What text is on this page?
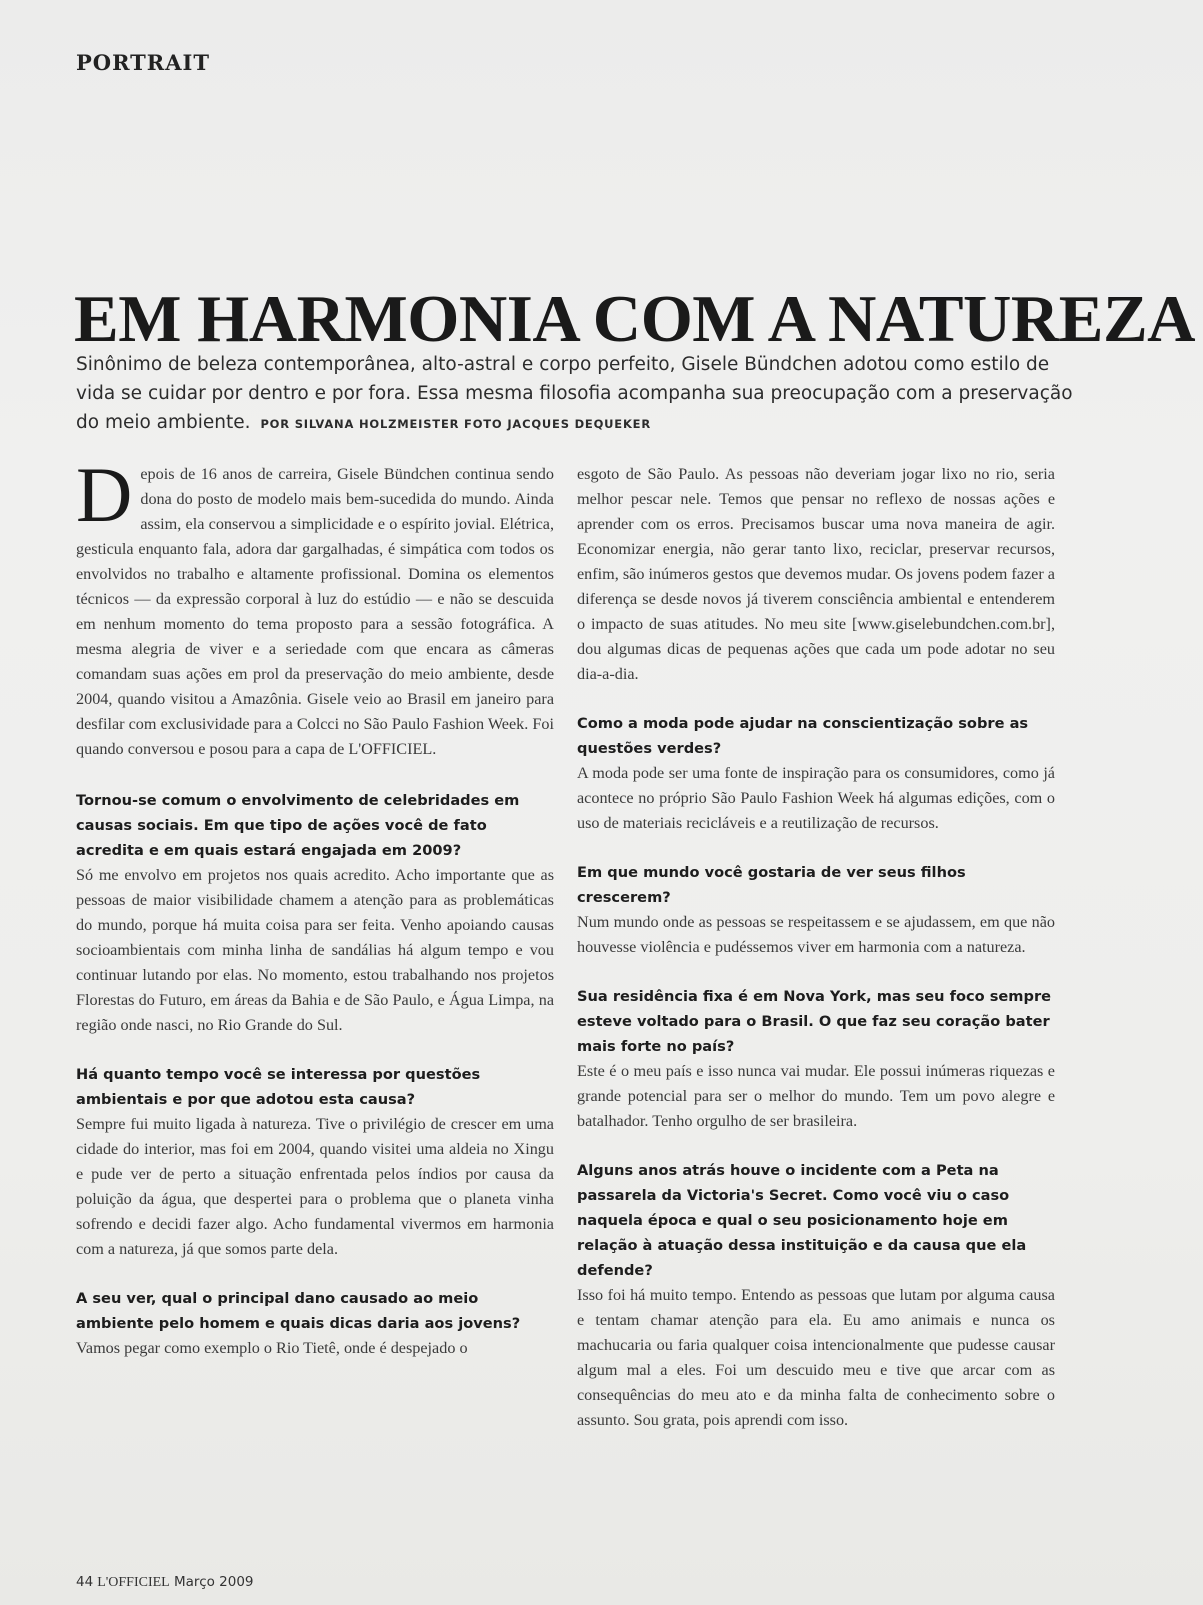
PORTRAIT
EM HARMONIA COM A NATUREZA

Sinônimo de beleza contemporânea, alto-astral e corpo perfeito, Gisele Bündchen adotou como estilo de vida se cuidar por dentro e por fora. Essa mesma filosofia acompanha sua preocupação com a preservação do meio ambiente. POR SILVANA HOLZMEISTER FOTO JACQUES DEQUEKER

Depois de 16 anos de carreira, Gisele Bündchen continua sendo dona do posto de modelo mais bem-sucedida do mundo. Ainda assim, ela conservou a simplicidade e o espírito jovial. Elétrica, gesticula enquanto fala, adora dar gargalhadas, é simpática com todos os envolvidos no trabalho e altamente profissional. Domina os elementos técnicos — da expressão corporal à luz do estúdio — e não se descuida em nenhum momento do tema proposto para a sessão fotográfica. A mesma alegria de viver e a seriedade com que encara as câmeras comandam suas ações em prol da preservação do meio ambiente, desde 2004, quando visitou a Amazônia. Gisele veio ao Brasil em janeiro para desfilar com exclusividade para a Colcci no São Paulo Fashion Week. Foi quando conversou e posou para a capa de L'OFFICIEL.

Tornou-se comum o envolvimento de celebridades em causas sociais. Em que tipo de ações você de fato acredita e em quais estará engajada em 2009?

Só me envolvo em projetos nos quais acredito. Acho importante que as pessoas de maior visibilidade chamem a atenção para as problemáticas do mundo, porque há muita coisa para ser feita. Venho apoiando causas socioambientais com minha linha de sandálias há algum tempo e vou continuar lutando por elas. No momento, estou trabalhando nos projetos Florestas do Futuro, em áreas da Bahia e de São Paulo, e Água Limpa, na região onde nasci, no Rio Grande do Sul.

Há quanto tempo você se interessa por questões ambientais e por que adotou esta causa?

Sempre fui muito ligada à natureza. Tive o privilégio de crescer em uma cidade do interior, mas foi em 2004, quando visitei uma aldeia no Xingu e pude ver de perto a situação enfrentada pelos índios por causa da poluição da água, que despertei para o problema que o planeta vinha sofrendo e decidi fazer algo. Acho fundamental vivermos em harmonia com a natureza, já que somos parte dela.

A seu ver, qual o principal dano causado ao meio ambiente pelo homem e quais dicas daria aos jovens?

Vamos pegar como exemplo o Rio Tietê, onde é despejado o

esgoto de São Paulo. As pessoas não deveriam jogar lixo no rio, seria melhor pescar nele. Temos que pensar no reflexo de nossas ações e aprender com os erros. Precisamos buscar uma nova maneira de agir. Economizar energia, não gerar tanto lixo, reciclar, preservar recursos, enfim, são inúmeros gestos que devemos mudar. Os jovens podem fazer a diferença se desde novos já tiverem consciência ambiental e entenderem o impacto de suas atitudes. No meu site [www.giselebundchen.com.br], dou algumas dicas de pequenas ações que cada um pode adotar no seu dia-a-dia.

Como a moda pode ajudar na conscientização sobre as questões verdes?

A moda pode ser uma fonte de inspiração para os consumidores, como já acontece no próprio São Paulo Fashion Week há algumas edições, com o uso de materiais recicláveis e a reutilização de recursos.

Em que mundo você gostaria de ver seus filhos crescerem?

Num mundo onde as pessoas se respeitassem e se ajudassem, em que não houvesse violência e pudéssemos viver em harmonia com a natureza.

Sua residência fixa é em Nova York, mas seu foco sempre esteve voltado para o Brasil. O que faz seu coração bater mais forte no país?

Este é o meu país e isso nunca vai mudar. Ele possui inúmeras riquezas e grande potencial para ser o melhor do mundo. Tem um povo alegre e batalhador. Tenho orgulho de ser brasileira.

Alguns anos atrás houve o incidente com a Peta na passarela da Victoria's Secret. Como você viu o caso naquela época e qual o seu posicionamento hoje em relação à atuação dessa instituição e da causa que ela defende?

Isso foi há muito tempo. Entendo as pessoas que lutam por alguma causa e tentam chamar atenção para ela. Eu amo animais e nunca os machucaria ou faria qualquer coisa intencionalmente que pudesse causar algum mal a eles. Foi um descuido meu e tive que arcar com as consequências do meu ato e da minha falta de conhecimento sobre o assunto. Sou grata, pois aprendi com isso.

44 L'OFFICIEL Março 2009
